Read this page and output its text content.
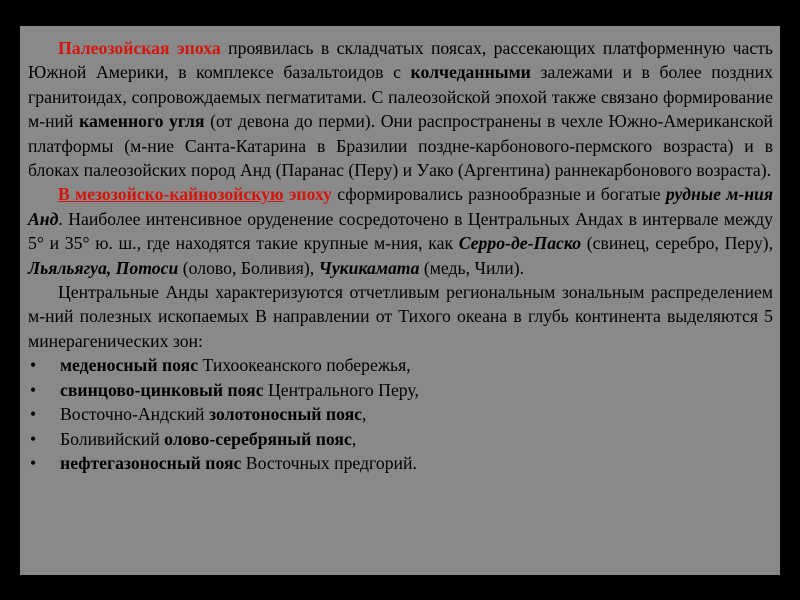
Палеозойская эпоха проявилась в складчатых поясах, рассекающих платформенную часть Южной Америки, в комплексе базальтоидов с колчеданными залежами и в более поздних гранитоидах, сопровождаемых пегматитами. С палеозойской эпохой также связано формирование м-ний каменного угля (от девона до перми). Они распространены в чехле Южно-Американской платформы (м-ние Санта-Катарина в Бразилии поздне-карбонового-пермского возраста) и в блоках палеозойских пород Анд (Паранас (Перу) и Уако (Аргентина) раннекарбонового возраста).

В мезозойско-кайнозойскую эпоху сформировались разнообразные и богатые рудные м-ния Анд. Наиболее интенсивное оруденение сосредоточено в Центральных Андах в интервале между 5° и 35° ю. ш., где находятся такие крупные м-ния, как Серро-де-Паско (свинец, серебро, Перу), Льяльягуа, Потоси (олово, Боливия), Чукикамата (медь, Чили).

Центральные Анды характеризуются отчетливым региональным зональным распределением м-ний полезных ископаемых В направлении от Тихого океана в глубь континента выделяются 5 минерагенических зон:

• меденосный пояс Тихоокеанского побережья,
• свинцово-цинковый пояс Центрального Перу,
• Восточно-Андский золотоносный пояс,
• Боливийский олово-серебряный пояс,
• нефтегазоносный пояс Восточных предгорий.
